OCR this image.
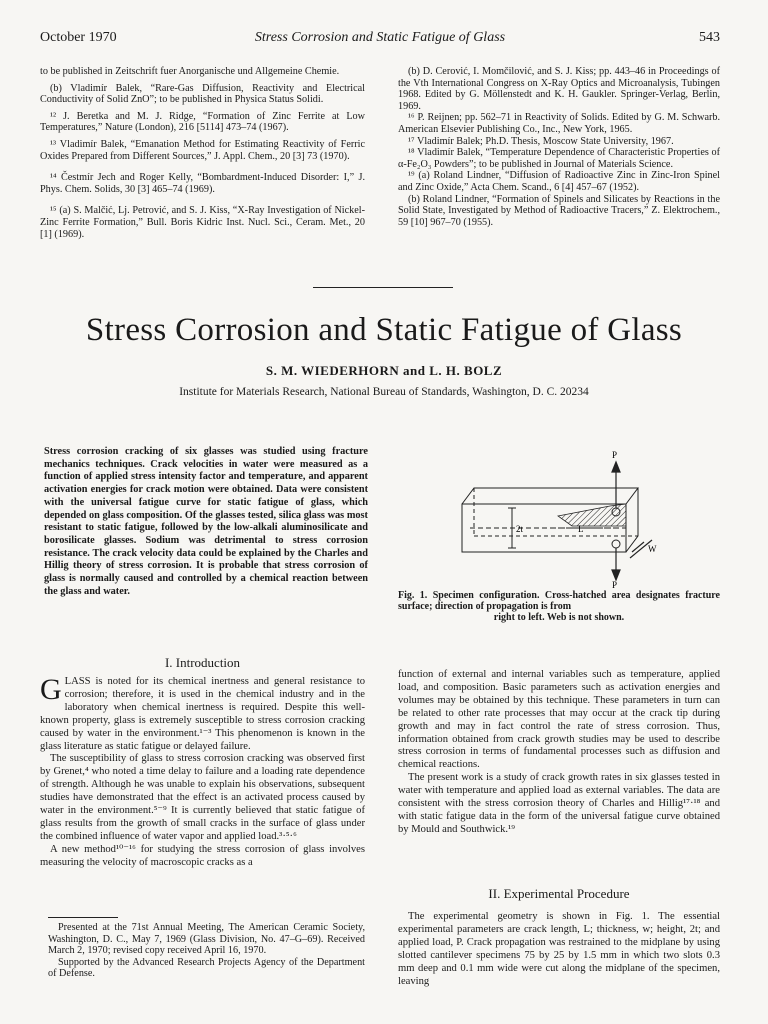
October 1970	Stress Corrosion and Static Fatigue of Glass	543

to be published in Zeitschrift fuer Anorganische und Allgemeine Chemie.

(b) Vladimír Balek, “Rare-Gas Diffusion, Reactivity and Electrical Conductivity of Solid ZnO”; to be published in Physica Status Solidi.

¹² J. Beretka and M. J. Ridge, “Formation of Zinc Ferrite at Low Temperatures,” Nature (London), 216 [5114] 473–74 (1967).

¹³ Vladimír Balek, “Emanation Method for Estimating Reactivity of Ferric Oxides Prepared from Different Sources,” J. Appl. Chem., 20 [3] 73 (1970).

¹⁴ Čestmír Jech and Roger Kelly, “Bombardment-Induced Disorder: I,” J. Phys. Chem. Solids, 30 [3] 465–74 (1969).

¹⁵ (a) S. Malčić, Lj. Petrović, and S. J. Kiss, “X-Ray Investigation of Nickel-Zinc Ferrite Formation,” Bull. Boris Kidric Inst. Nucl. Sci., Ceram. Met., 20 [1] (1969).

(b) D. Cerović, I. Momčilović, and S. J. Kiss; pp. 443–46 in Proceedings of the Vth International Congress on X-Ray Optics and Microanalysis, Tubingen 1968. Edited by G. Möllenstedt and K. H. Gaukler. Springer-Verlag, Berlin, 1969.

¹⁶ P. Reijnen; pp. 562–71 in Reactivity of Solids. Edited by G. M. Schwarb. American Elsevier Publishing Co., Inc., New York, 1965.

¹⁷ Vladimír Balek; Ph.D. Thesis, Moscow State University, 1967.

¹⁸ Vladimír Balek, “Temperature Dependence of Characteristic Properties of α-Fe₂O₃ Powders”; to be published in Journal of Materials Science.

¹⁹ (a) Roland Lindner, “Diffusion of Radioactive Zinc in Zinc-Iron Spinel and Zinc Oxide,” Acta Chem. Scand., 6 [4] 457–67 (1952).

(b) Roland Lindner, “Formation of Spinels and Silicates by Reactions in the Solid State, Investigated by Method of Radioactive Tracers,” Z. Elektrochem., 59 [10] 967–70 (1955).

Stress Corrosion and Static Fatigue of Glass
S. M. WIEDERHORN and L. H. BOLZ
Institute for Materials Research, National Bureau of Standards, Washington, D. C. 20234

Stress corrosion cracking of six glasses was studied using fracture mechanics techniques. Crack velocities in water were measured as a function of applied stress intensity factor and temperature, and apparent activation energies for crack motion were obtained. Data were consistent with the universal fatigue curve for static fatigue of glass, which depended on glass composition. Of the glasses tested, silica glass was most resistant to static fatigue, followed by the low-alkali aluminosilicate and borosilicate glasses. Sodium was detrimental to stress corrosion resistance. The crack velocity data could be explained by the Charles and Hillig theory of stress corrosion. It is probable that stress corrosion of glass is normally caused and controlled by a chemical reaction between the glass and water.

P
P
W
L
2t

Fig. 1. Specimen configuration. Cross-hatched area designates fracture surface; direction of propagation is from

right to left. Web is not shown.

I. Introduction

GLASS is noted for its chemical inertness and general resistance to corrosion; therefore, it is used in the chemical industry and in the laboratory when chemical inertness is required. Despite this well-known property, glass is extremely susceptible to stress corrosion cracking caused by water in the environment.¹⁻³ This phenomenon is known in the glass literature as static fatigue or delayed failure.

The susceptibility of glass to stress corrosion cracking was observed first by Grenet,⁴ who noted a time delay to failure and a loading rate dependence of strength. Although he was unable to explain his observations, subsequent studies have demonstrated that the effect is an activated process caused by water in the environment.⁵⁻⁹ It is currently believed that static fatigue of glass results from the growth of small cracks in the surface of glass under the combined influence of water vapor and applied load.³·⁵·⁶

A new method¹⁰⁻¹⁶ for studying the stress corrosion of glass involves measuring the velocity of macroscopic cracks as a

Presented at the 71st Annual Meeting, The American Ceramic Society, Washington, D. C., May 7, 1969 (Glass Division, No. 47–G–69). Received March 2, 1970; revised copy received April 16, 1970.

Supported by the Advanced Research Projects Agency of the Department of Defense.

function of external and internal variables such as temperature, applied load, and composition. Basic parameters such as activation energies and volumes may be obtained by this technique. These parameters in turn can be related to other rate processes that may occur at the crack tip during growth and may in fact control the rate of stress corrosion. Thus, information obtained from crack growth studies may be used to describe stress corrosion in terms of fundamental processes such as diffusion and chemical reactions.

The present work is a study of crack growth rates in six glasses tested in water with temperature and applied load as external variables. The data are consistent with the stress corrosion theory of Charles and Hillig¹⁷·¹⁸ and with static fatigue data in the form of the universal fatigue curve obtained by Mould and Southwick.¹⁹

II. Experimental Procedure

The experimental geometry is shown in Fig. 1. The essential experimental parameters are crack length, L; thickness, w; height, 2t; and applied load, P. Crack propagation was restrained to the midplane by using slotted cantilever specimens 75 by 25 by 1.5 mm in which two slots 0.3 mm deep and 0.1 mm wide were cut along the midplane of the specimen, leaving
